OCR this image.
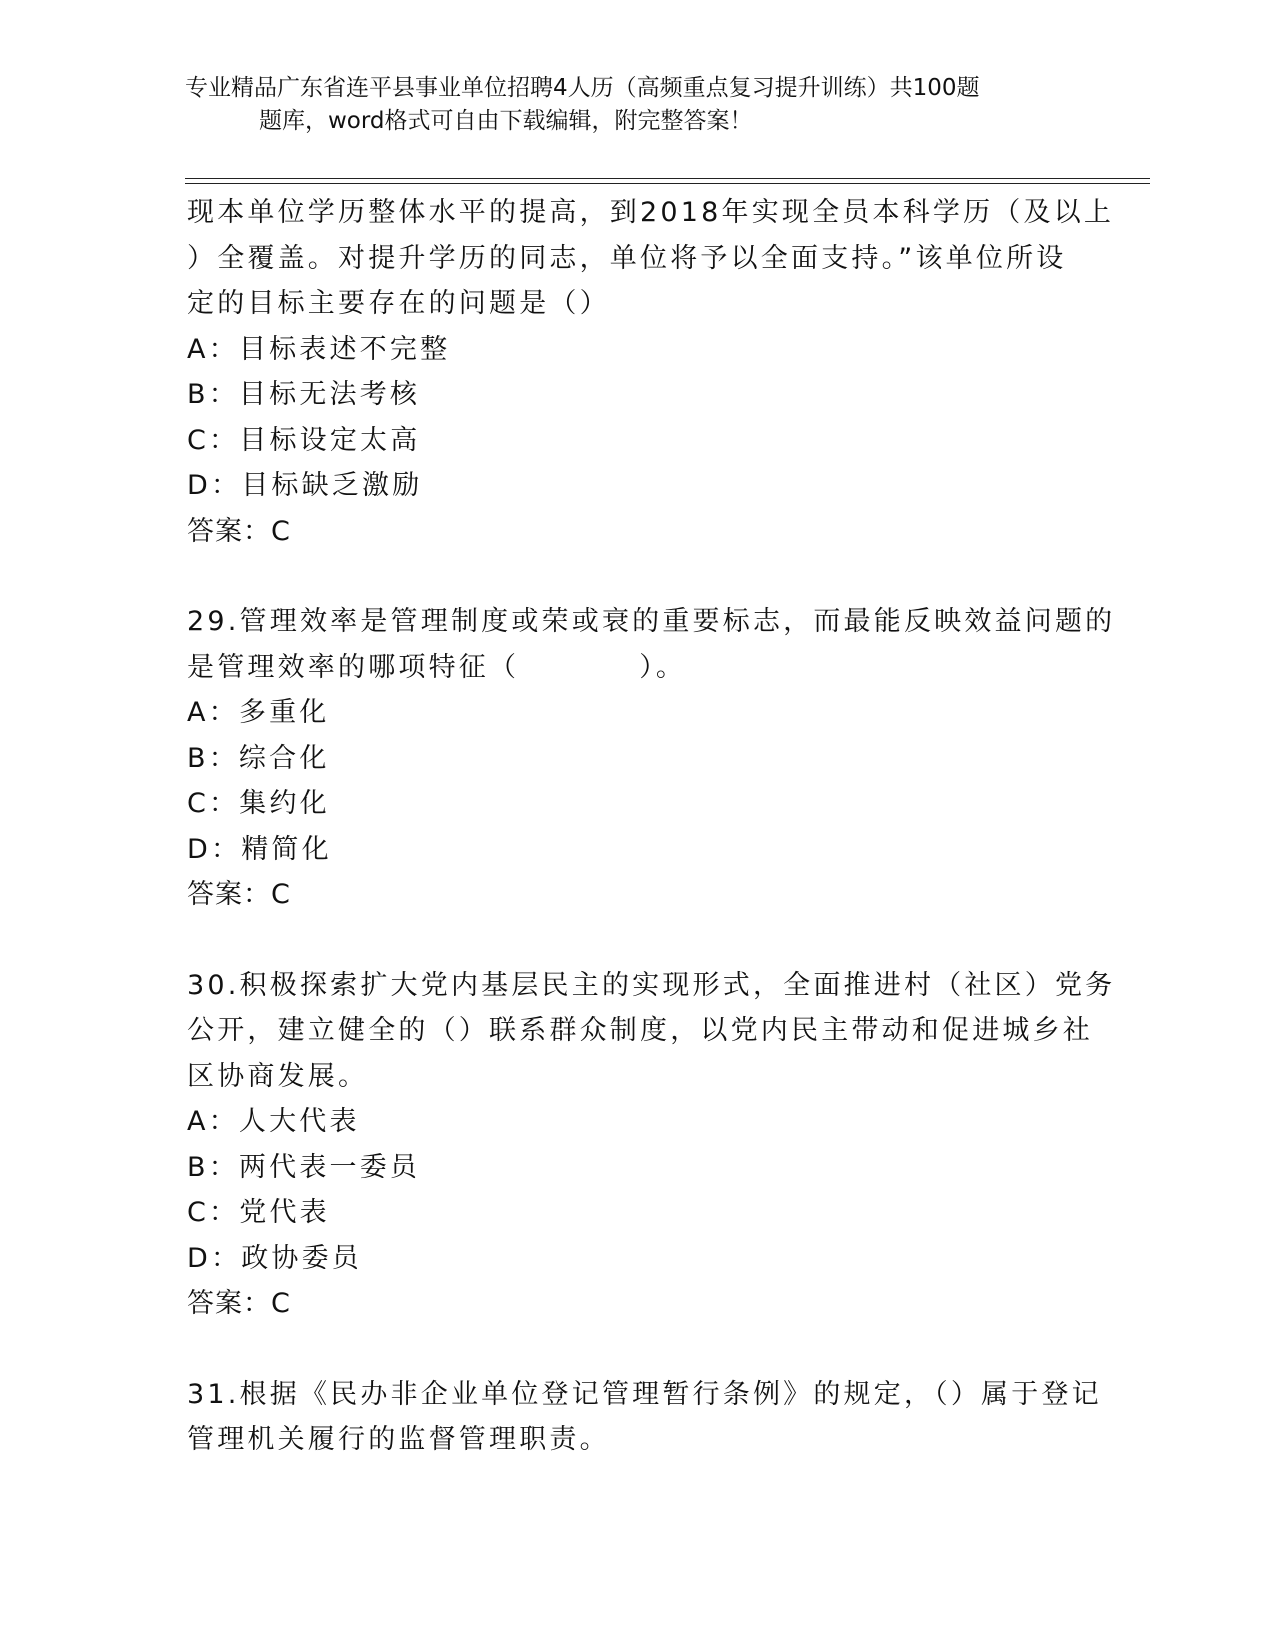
专业精品广东省连平县事业单位招聘4人历（高频重点复习提升训练）共100题
题库，word格式可自由下载编辑，附完整答案！
现本单位学历整体水平的提高，到2018年实现全员本科学历（及以上
）全覆盖。对提升学历的同志，单位将予以全面支持。”该单位所设
定的目标主要存在的问题是（）
A：目标表述不完整
B：目标无法考核
C：目标设定太高
D：目标缺乏激励
答案：C
29.管理效率是管理制度或荣或衰的重要标志，而最能反映效益问题的
是管理效率的哪项特征（	）。
A：多重化
B：综合化
C：集约化
D：精简化
答案：C
30.积极探索扩大党内基层民主的实现形式，全面推进村（社区）党务
公开，建立健全的（）联系群众制度，以党内民主带动和促进城乡社
区协商发展。
A：人大代表
B：两代表一委员
C：党代表
D：政协委员
答案：C
31.根据《民办非企业单位登记管理暂行条例》的规定，（）属于登记
管理机关履行的监督管理职责。
